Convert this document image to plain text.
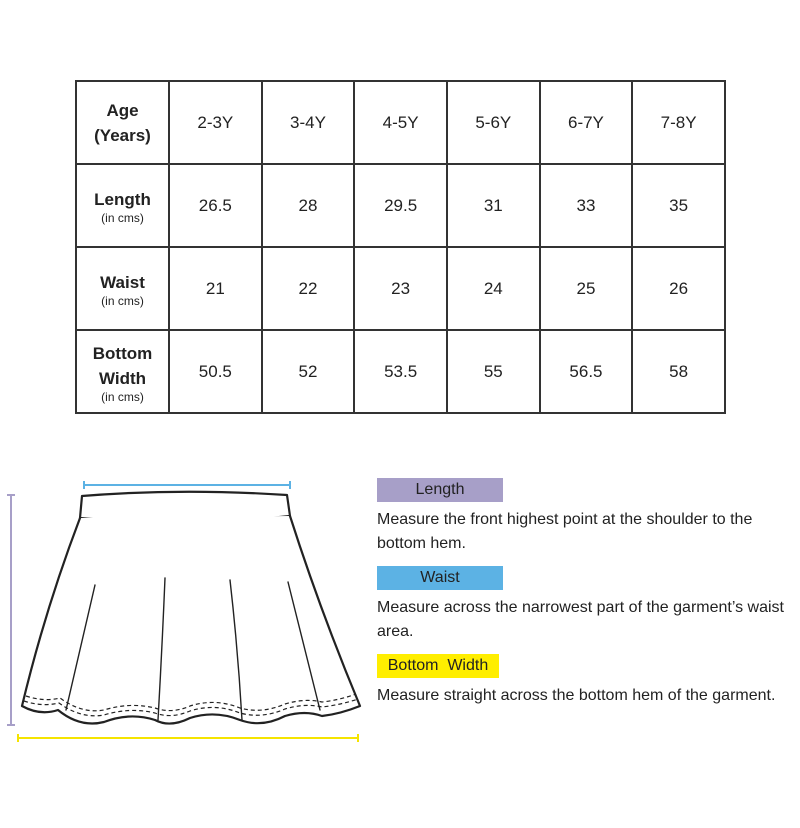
Age
(Years)	2-3Y	3-4Y	4-5Y	5-6Y	6-7Y	7-8Y
Length
(in cms)	26.5	28	29.5	31	33	35
Waist
(in cms)	21	22	23	24	25	26
Bottom
Width
(in cms)	50.5	52	53.5	55	56.5	58
Length

Measure the front highest point at the shoulder to the bottom hem.

Waist

Measure across the narrowest part of the garment’s waist area.

Bottom  Width

Measure straight across the bottom hem of the garment.
